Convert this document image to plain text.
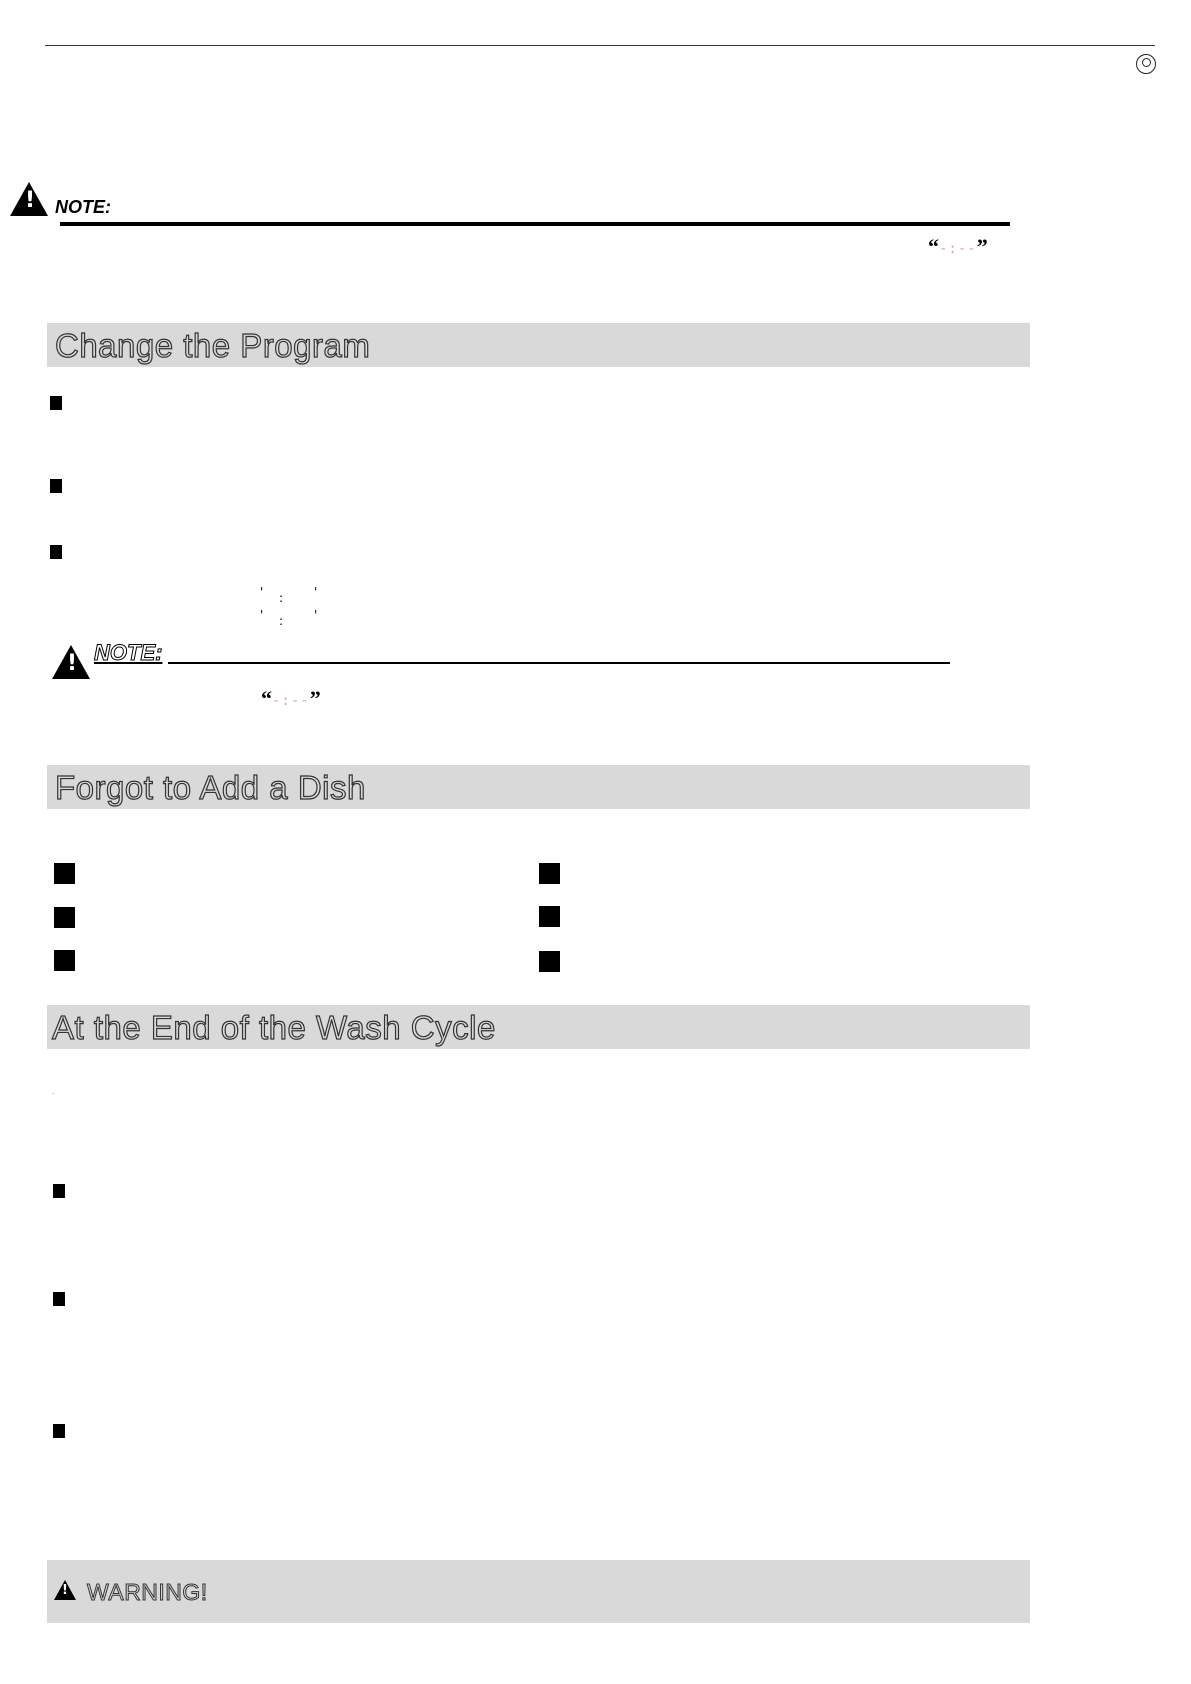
!
NOTE:
“-:--”
Change the Program
' :	'
' :	'
!
NOTE:
“-:--”
Forgot to Add a Dish
At the End of the Wash Cycle
.
!
WARNING!
